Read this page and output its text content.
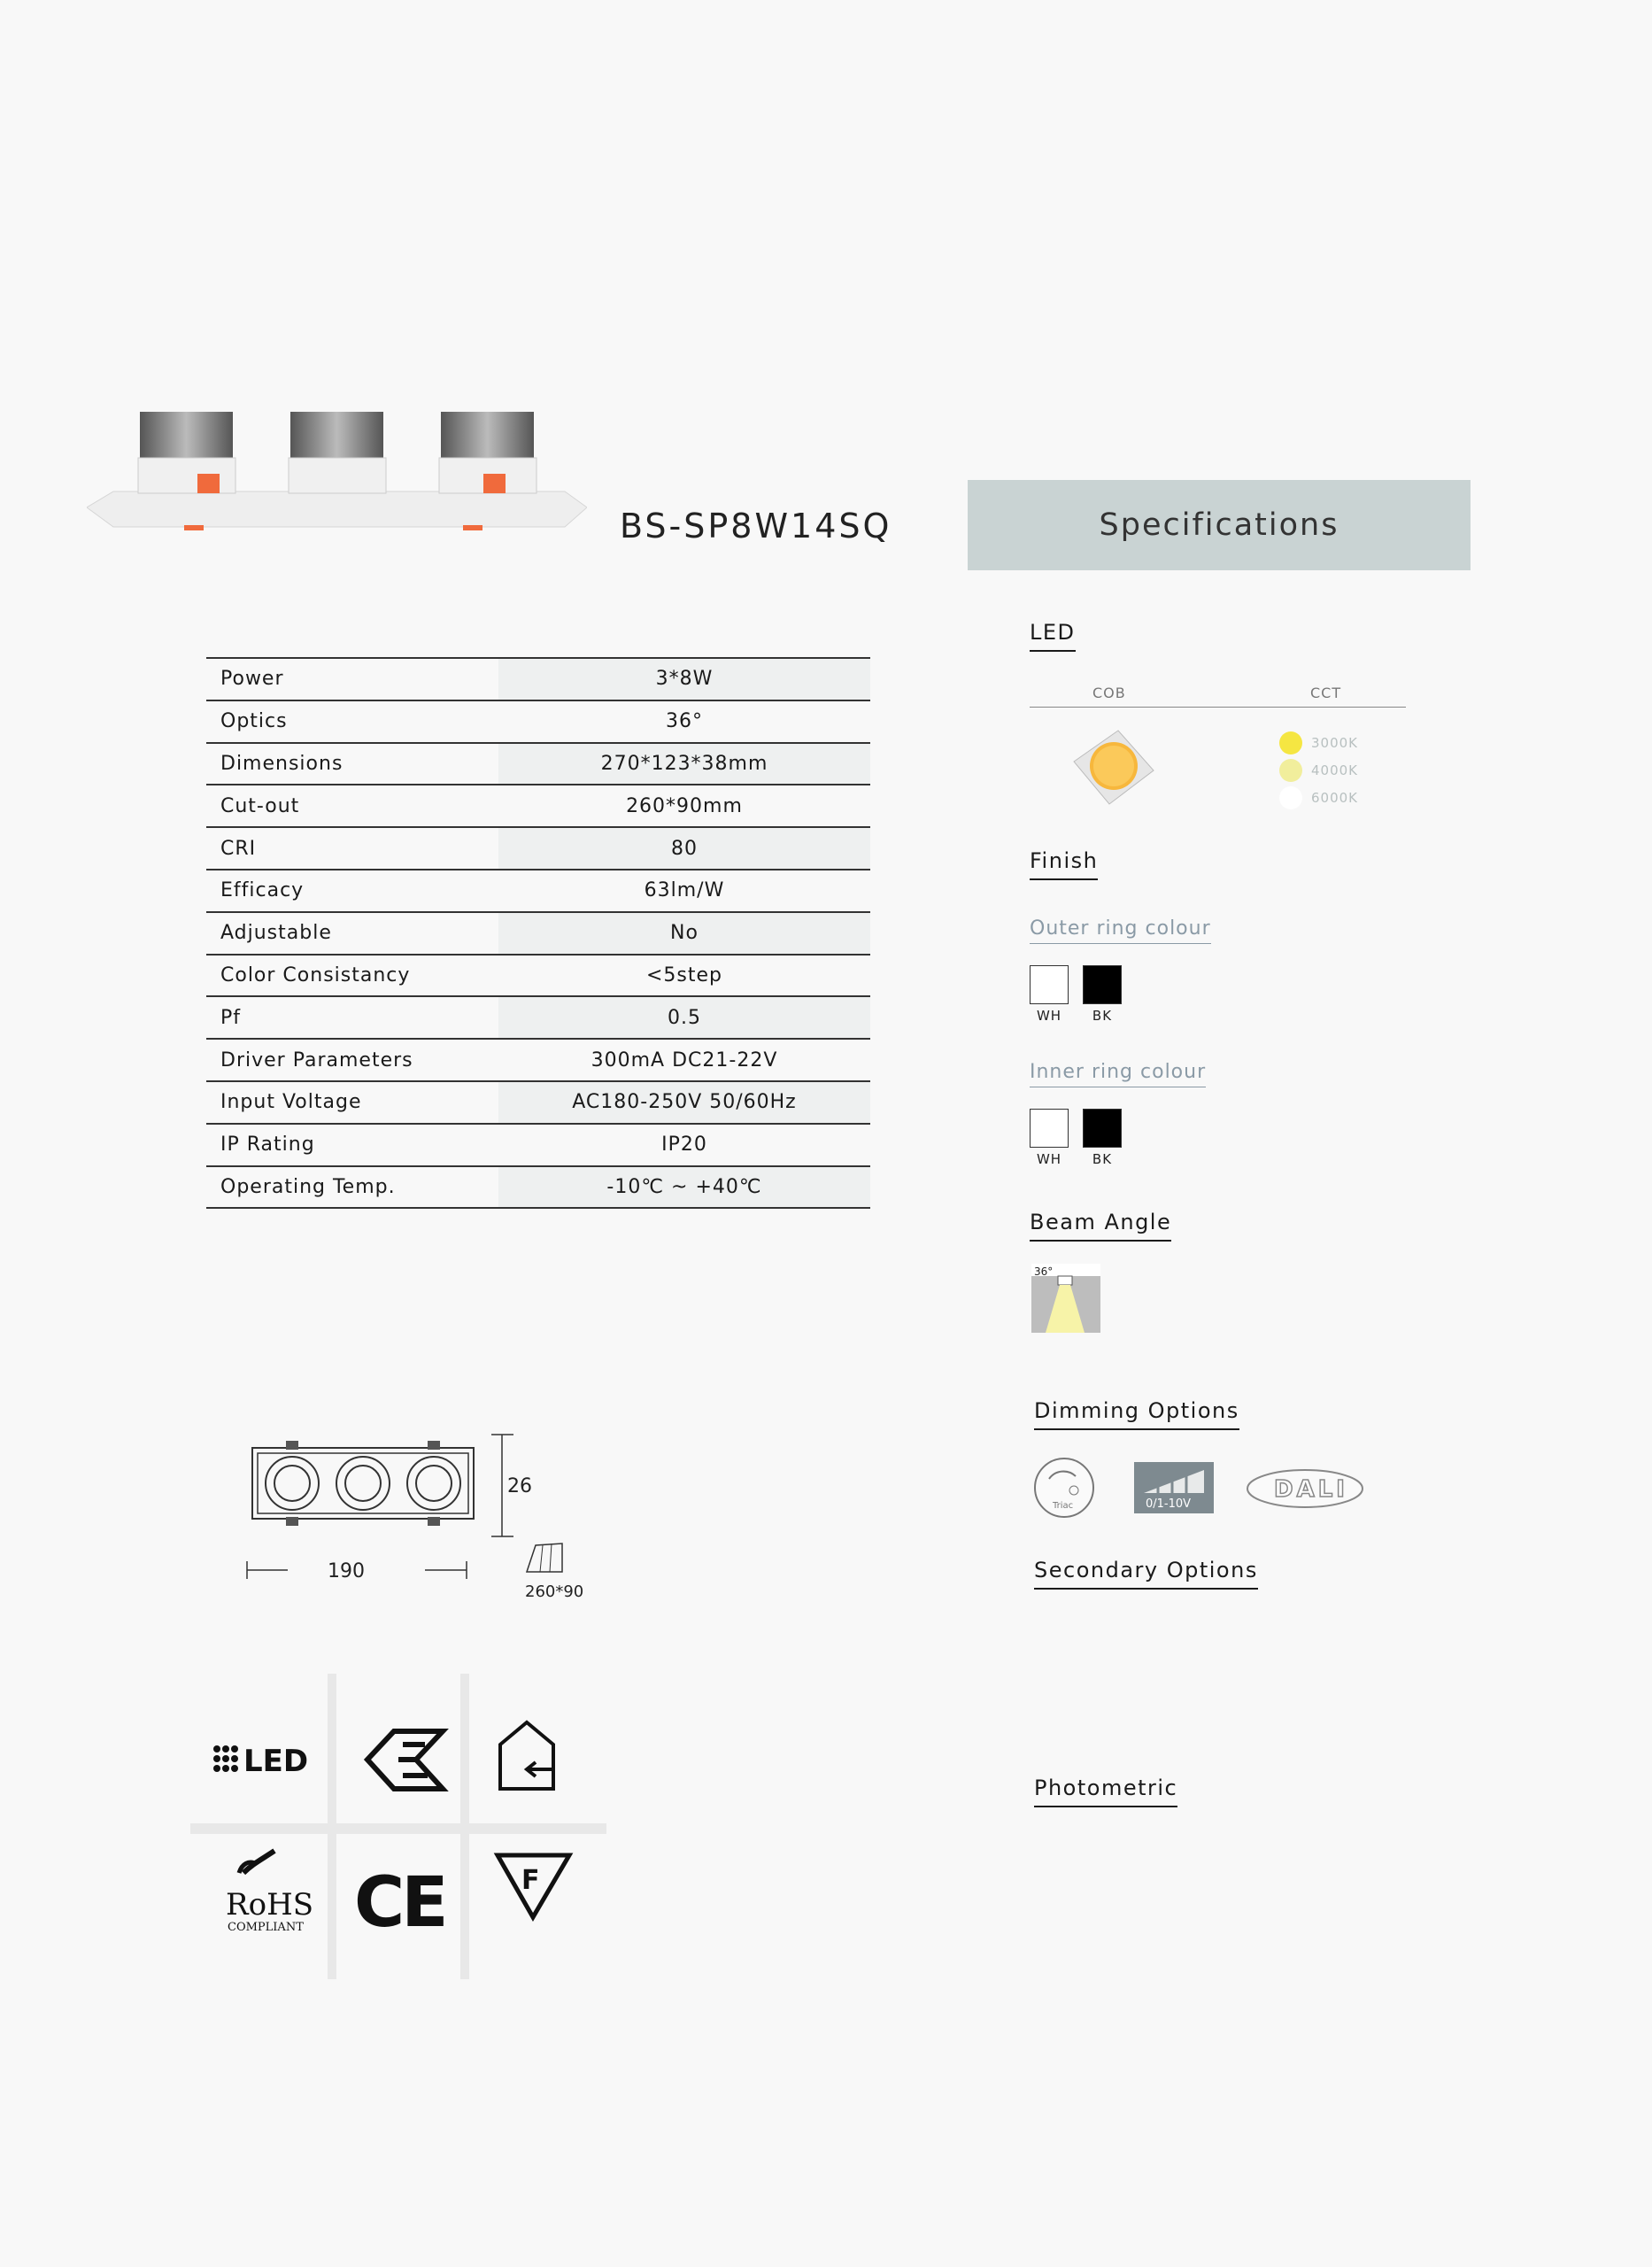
BS-SP8W14SQ	Specifications
Power	3*8W
Optics	36°
Dimensions	270*123*38mm
Cut-out	260*90mm
CRI	80
Efficacy	63lm/W
Adjustable	No
Color Consistancy	<5step
Pf	0.5
Driver Parameters	300mA DC21-22V
Input Voltage	AC180-250V 50/60Hz
IP Rating	IP20
Operating Temp.	-10℃ ~ +40℃
26
190
260*90
LED
RoHS
COMPLIANT CE	F
LED
COB	CCT
3000K
4000K
6000K
Finish
Outer ring colour
WH	BK
Inner ring colour
WH	BK
Beam Angle
36°
Dimming Options
Triac	0/1-10V
DALI
Secondary Options
Photometric
